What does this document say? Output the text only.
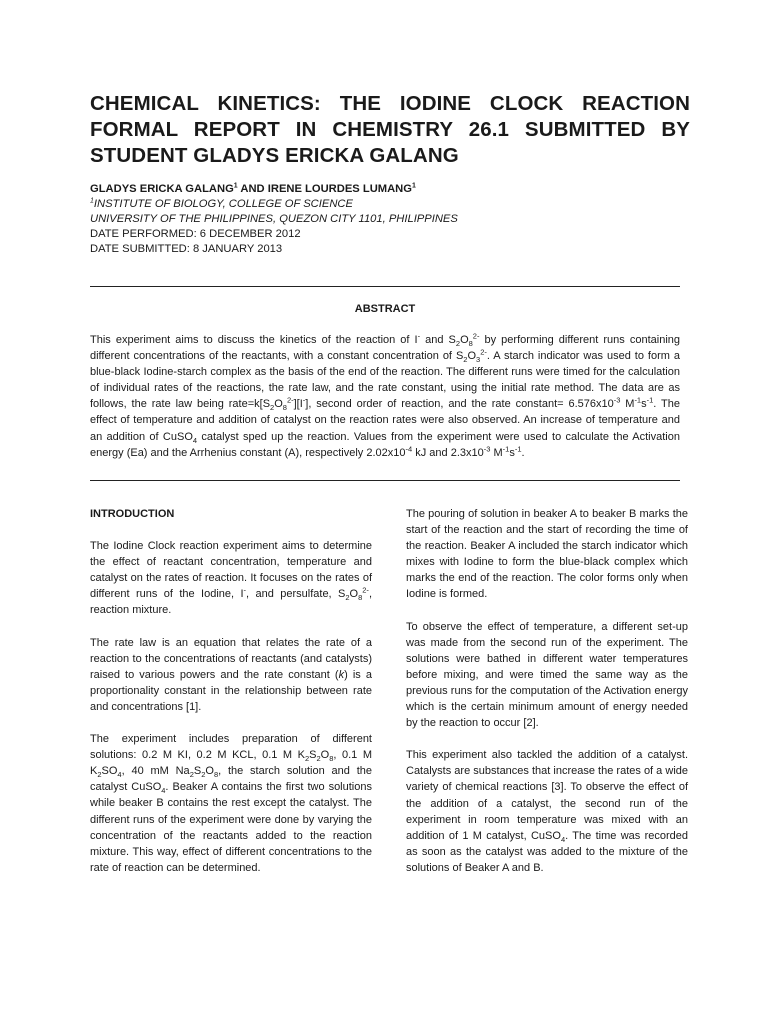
CHEMICAL KINETICS: THE IODINE CLOCK REACTION FORMAL REPORT IN CHEMISTRY 26.1 SUBMITTED BY STUDENT GLADYS ERICKA GALANG
GLADYS ERICKA GALANG$^1$ AND IRENE LOURDES LUMANG$^1$
$^1$INSTITUTE OF BIOLOGY, COLLEGE OF SCIENCE
UNIVERSITY OF THE PHILIPPINES, QUEZON CITY 1101, PHILIPPINES
DATE PERFORMED: 6 DECEMBER 2012
DATE SUBMITTED: 8 JANUARY 2013
ABSTRACT

This experiment aims to discuss the kinetics of the reaction of I- and $S_2O_8^{2-}$ by performing different runs containing different concentrations of the reactants, with a constant concentration of $S_2O_3^{2-}$. A starch indicator was used to form a blue-black Iodine-starch complex as the basis of the end of the reaction. The different runs were timed for the calculation of individual rates of the reactions, the rate law, and the rate constant, using the initial rate method. The data are as follows, the rate law being $rate=k[S_2O_8^{2-}][I^-]$, second order of reaction, and the rate constant= $6.576x10^{-3}$ $M^{-1}s^{-1}$. The effect of temperature and addition of catalyst on the reaction rates were also observed. An increase of temperature and an addition of CuSO$_4$ catalyst sped up the reaction. Values from the experiment were used to calculate the Activation energy (Ea) and the Arrhenius constant (A), respectively $2.02x10^{-4}$ kJ and $2.3x10^{-3}$ $M^{-1}s^{-1}$.

INTRODUCTION

The Iodine Clock reaction experiment aims to determine the effect of reactant concentration, temperature and catalyst on the rates of reaction. It focuses on the rates of different runs of the Iodine, I-, and persulfate, $S_2O_8^{2-}$, reaction mixture.

The rate law is an equation that relates the rate of a reaction to the concentrations of reactants (and catalysts) raised to various powers and the rate constant (k) is a proportionality constant in the relationship between rate and concentrations [1].

The experiment includes preparation of different solutions: 0.2 M KI, 0.2 M KCL, 0.1 M $K_2S_2O_8$, 0.1 M $K_2SO_4$, 40 mM $Na_2S_2O_8$, the starch solution and the catalyst CuSO$_4$. Beaker A contains the first two solutions while beaker B contains the rest except the catalyst. The different runs of the experiment were done by varying the concentration of the reactants added to the reaction mixture. This way, effect of different concentrations to the rate of reaction can be determined.

The pouring of solution in beaker A to beaker B marks the start of the reaction and the start of recording the time of the reaction. Beaker A included the starch indicator which mixes with Iodine to form the blue-black complex which marks the end of the reaction. The color forms only when Iodine is formed.

To observe the effect of temperature, a different set-up was made from the second run of the experiment. The solutions were bathed in different water temperatures before mixing, and were timed the same way as the previous runs for the computation of the Activation energy which is the certain minimum amount of energy needed by the reaction to occur [2].

This experiment also tackled the addition of a catalyst. Catalysts are substances that increase the rates of a wide variety of chemical reactions [3]. To observe the effect of the addition of a catalyst, the second run of the experiment in room temperature was mixed with an addition of 1 M catalyst, CuSO$_4$. The time was recorded as soon as the catalyst was added to the mixture of the solutions of Beaker A and B.
